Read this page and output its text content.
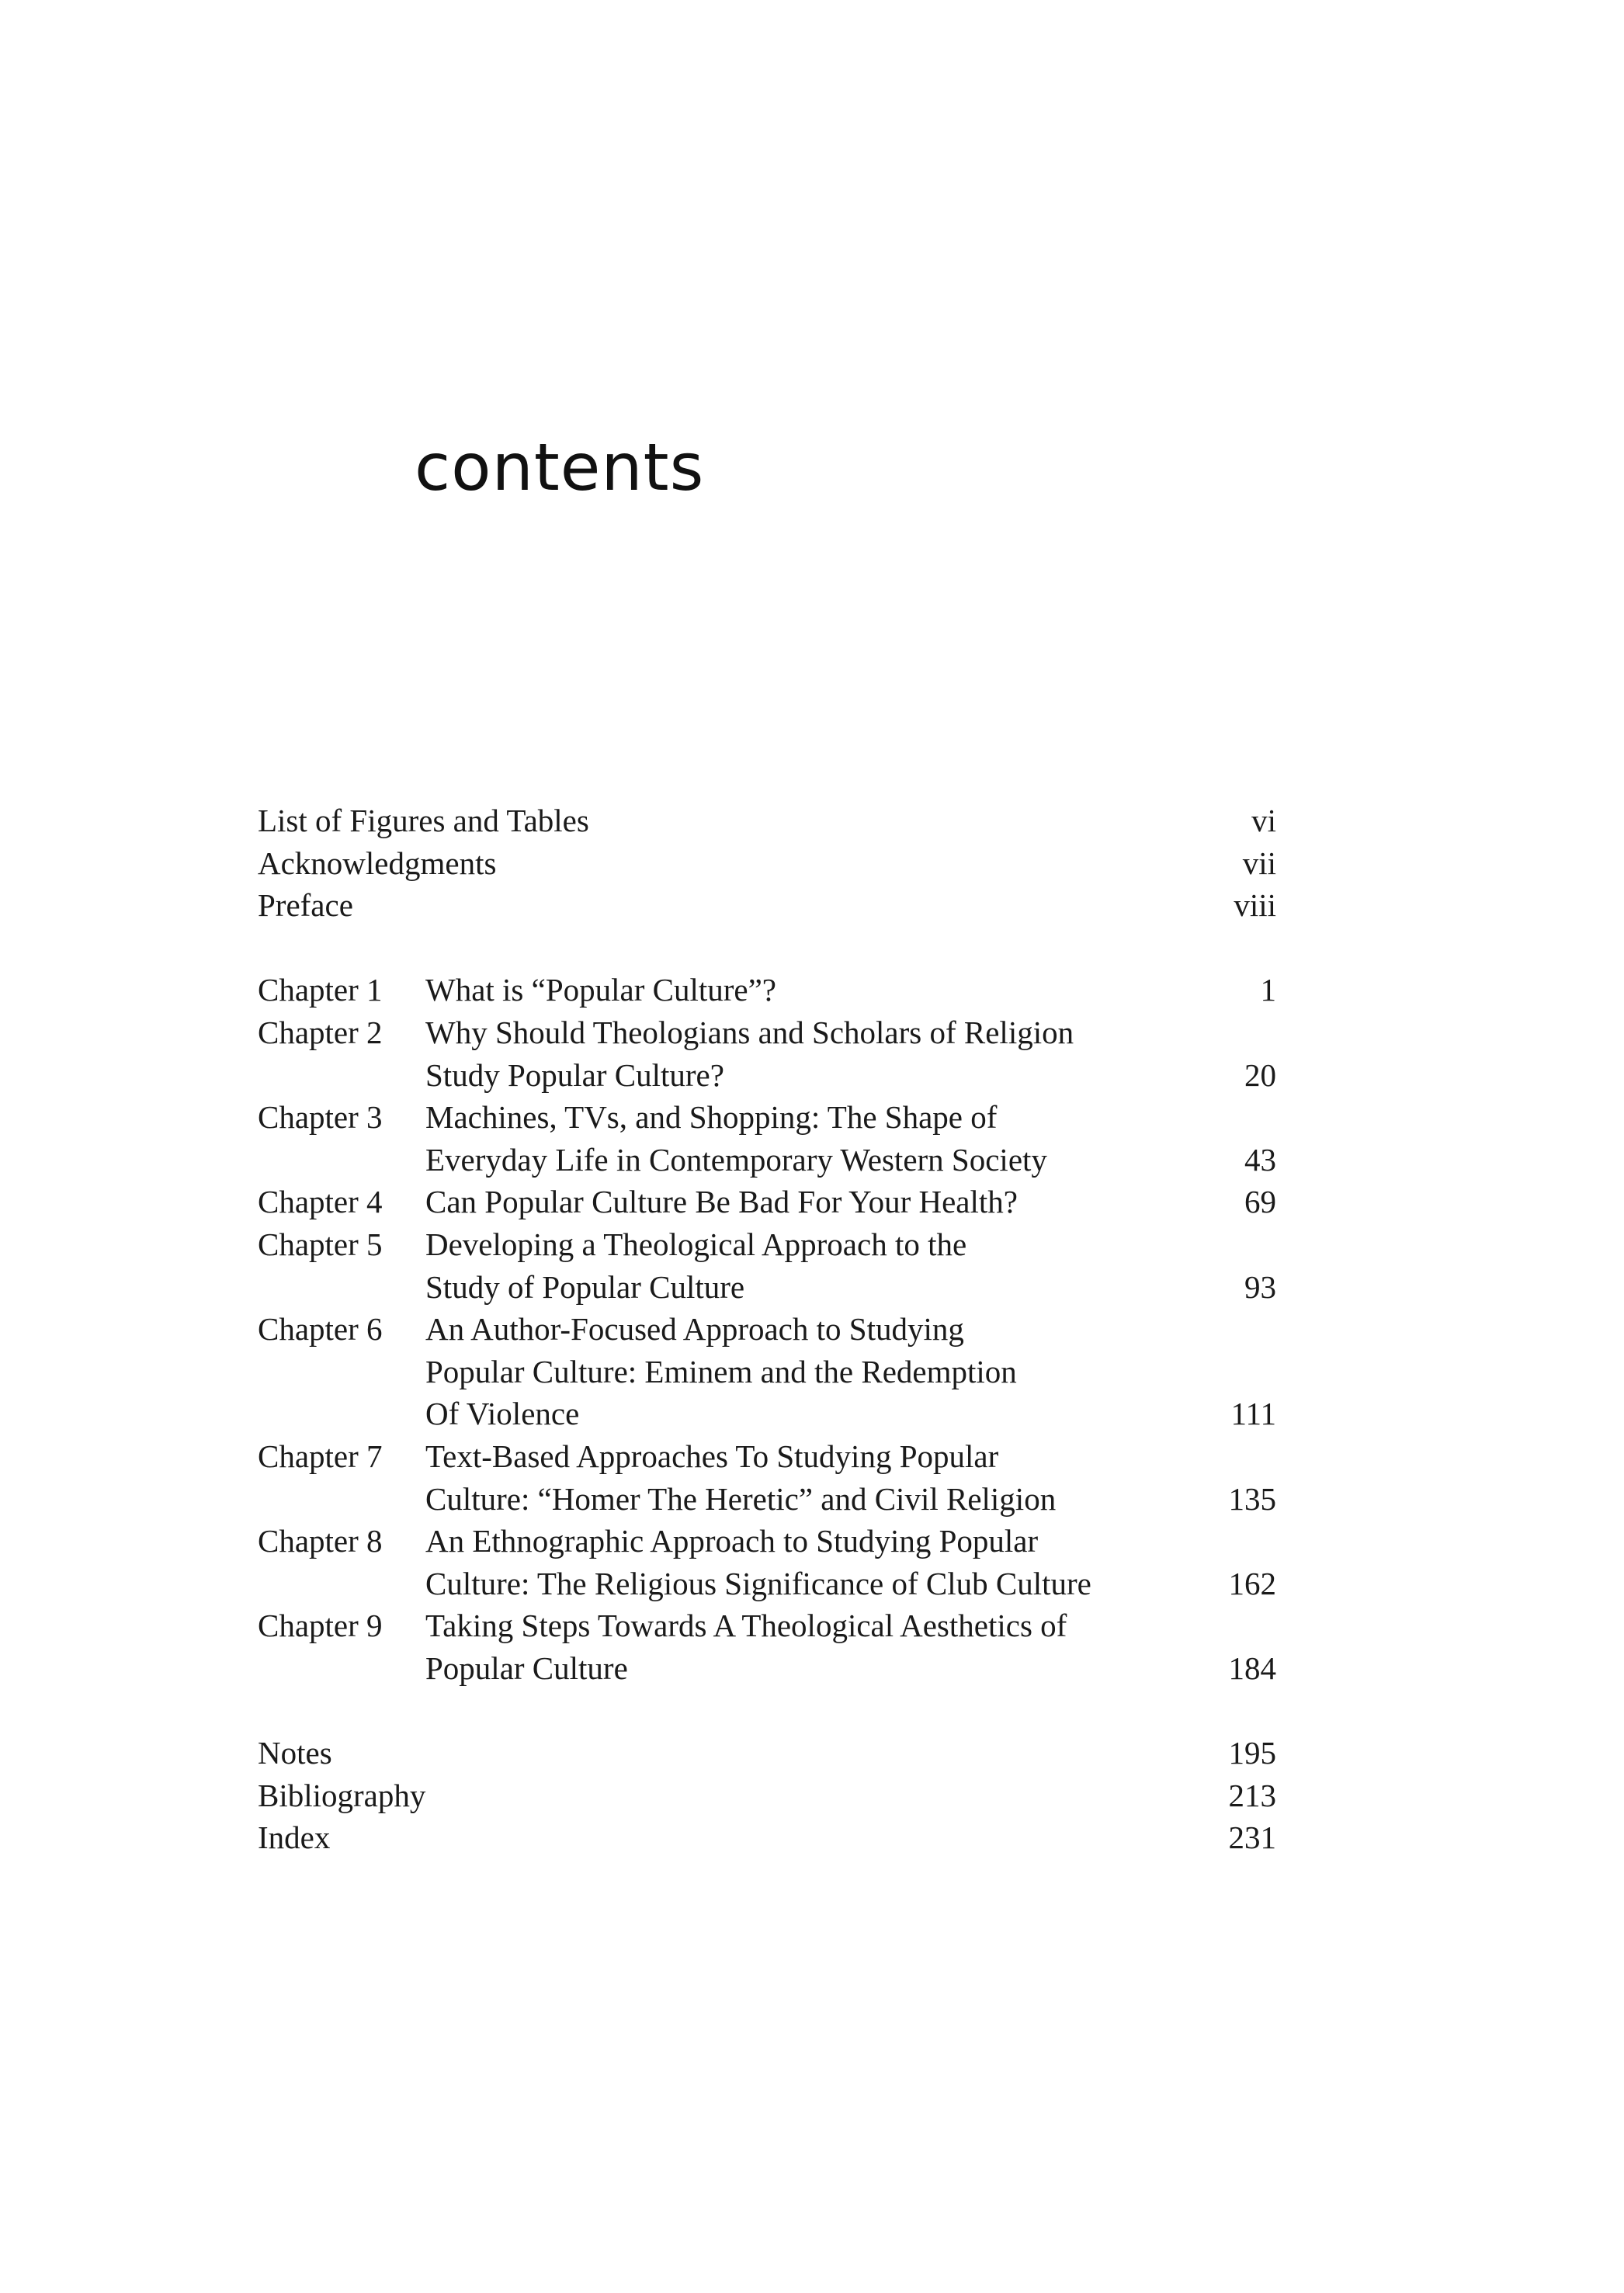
contents
List of Figures and Tables	vi
Acknowledgments	vii
Preface	viii
Chapter 1	What is “Popular Culture”?	1
Chapter 2	Why Should Theologians and Scholars of Religion
Study Popular Culture?	20
Chapter 3	Machines, TVs, and Shopping: The Shape of
Everyday Life in Contemporary Western Society	43
Chapter 4	Can Popular Culture Be Bad For Your Health?	69
Chapter 5	Developing a Theological Approach to the
Study of Popular Culture	93
Chapter 6	An Author-Focused Approach to Studying
Popular Culture: Eminem and the Redemption
Of Violence	111
Chapter 7	Text-Based Approaches To Studying Popular
Culture: “Homer The Heretic” and Civil Religion	135
Chapter 8	An Ethnographic Approach to Studying Popular
Culture: The Religious Significance of Club Culture	162
Chapter 9	Taking Steps Towards A Theological Aesthetics of
Popular Culture	184
Notes	195
Bibliography	213
Index	231
